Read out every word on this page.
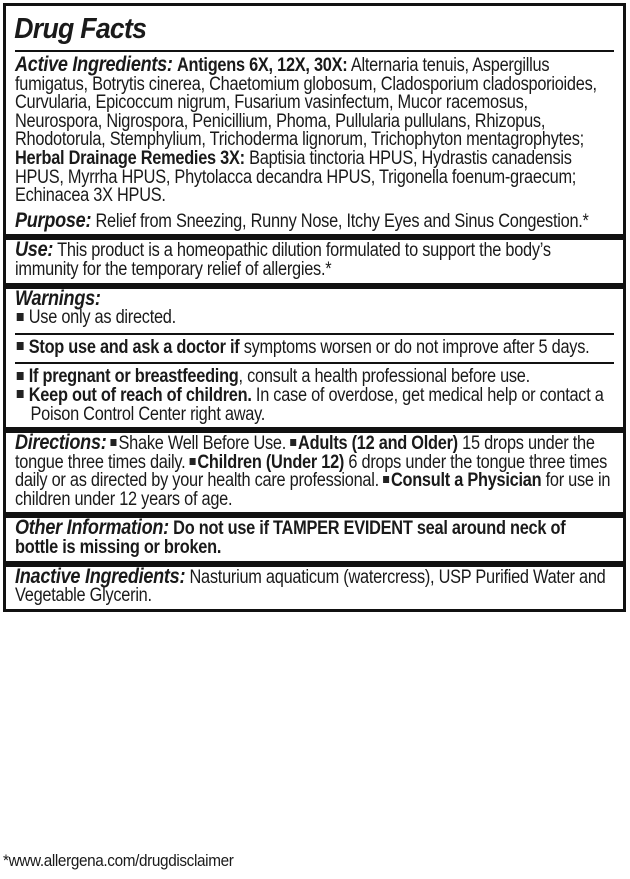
Drug Facts
Active Ingredients: Antigens 6X, 12X, 30X: Alternaria tenuis, Aspergillus fumigatus, Botrytis cinerea, Chaetomium globosum, Cladosporium cladosporioides, Curvularia, Epicoccum nigrum, Fusarium vasinfectum, Mucor racemosus, Neurospora, Nigrospora, Penicillium, Phoma, Pullularia pullulans, Rhizopus, Rhodotorula, Stemphylium, Trichoderma lignorum, Trichophyton mentagrophytes; Herbal Drainage Remedies 3X: Baptisia tinctoria HPUS, Hydrastis canadensis HPUS, Myrrha HPUS, Phytolacca decandra HPUS, Trigonella foenum-graecum; Echinacea 3X HPUS.
Purpose: Relief from Sneezing, Runny Nose, Itchy Eyes and Sinus Congestion.*
Use: This product is a homeopathic dilution formulated to support the body’s immunity for the temporary relief of allergies.*
Warnings:
Use only as directed.
Stop use and ask a doctor if symptoms worsen or do not improve after 5 days.
If pregnant or breastfeeding, consult a health professional before use.
Keep out of reach of children. In case of overdose, get medical help or contact a Poison Control Center right away.
Directions: Shake Well Before Use. Adults (12 and Older) 15 drops under the tongue three times daily. Children (Under 12) 6 drops under the tongue three times daily or as directed by your health care professional. Consult a Physician for use in children under 12 years of age.
Other Information: Do not use if TAMPER EVIDENT seal around neck of bottle is missing or broken.
Inactive Ingredients: Nasturium aquaticum (watercress), USP Purified Water and Vegetable Glycerin.
*www.allergena.com/drugdisclaimer
